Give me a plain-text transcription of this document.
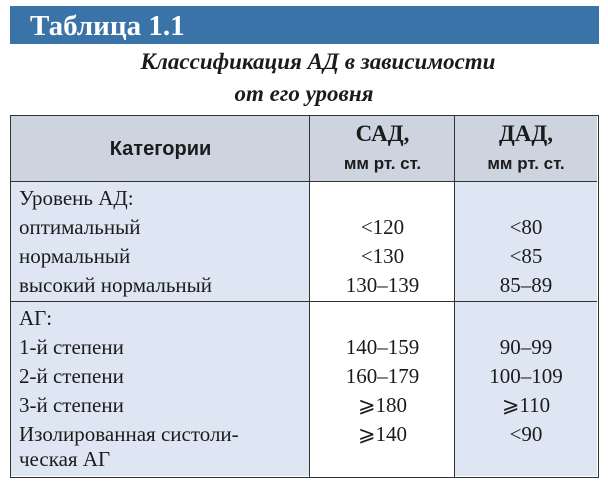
Таблица 1.1
Классификация АД в зависимости
от его уровня
Категории
САД,
мм рт. ст.
ДАД,
мм рт. ст.
Уровень АД:
оптимальный
нормальный
высокий нормальный
<120
<130
130–139
<80
<85
85–89
АГ:
1-й степени
2-й степени
3-й степени
Изолированная систоли-
ческая АГ
140–159
160–179
⩾180
⩾140
90–99
100–109
⩾110
<90
